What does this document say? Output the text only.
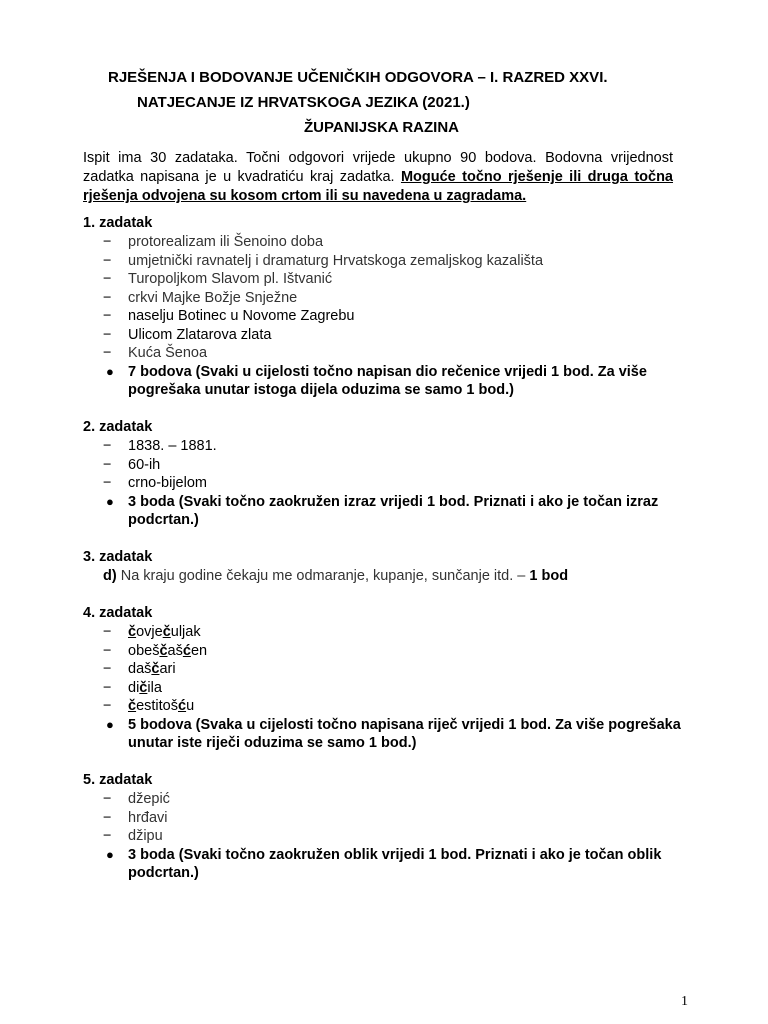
RJEŠENJA I BODOVANJE UČENIČKIH ODGOVORA – I. RAZRED XXVI.
NATJECANJE IZ HRVATSKOGA JEZIKA (2021.)
ŽUPANIJSKA RAZINA
Ispit ima 30 zadataka. Točni odgovori vrijede ukupno 90 bodova. Bodovna vrijednost zadatka napisana je u kvadratiću kraj zadatka. Moguće točno rješenje ili druga točna rješenja odvojena su kosom crtom ili su navedena u zagradama.
1. zadatak
− protorealizam ili Šenoino doba
− umjetnički ravnatelj i dramaturg Hrvatskoga zemaljskog kazališta
− Turopoljkom Slavom pl. Ištvanić
− crkvi Majke Božje Snježne
− naselju Botinec u Novome Zagrebu
− Ulicom Zlatarova zlata
− Kuća Šenoa
● 7 bodova (Svaki u cijelosti točno napisan dio rečenice vrijedi 1 bod. Za više pogrešaka unutar istoga dijela oduzima se samo 1 bod.)
2. zadatak
− 1838. – 1881.
− 60-ih
− crno-bijelom
● 3 boda (Svaki točno zaokružen izraz vrijedi 1 bod. Priznati i ako je točan izraz podcrtan.)
3. zadatak
d) Na kraju godine čekaju me odmaranje, kupanje, sunčanje itd. – 1 bod
4. zadatak
− čovječuljak
− obeščašćen
− daščari
− dičila
− čestitošću
● 5 bodova (Svaka u cijelosti točno napisana riječ vrijedi 1 bod. Za više pogrešaka unutar iste riječi oduzima se samo 1 bod.)
5. zadatak
− džepić
− hrđavi
− džipu
● 3 boda (Svaki točno zaokružen oblik vrijedi 1 bod. Priznati i ako je točan oblik podcrtan.)
1
